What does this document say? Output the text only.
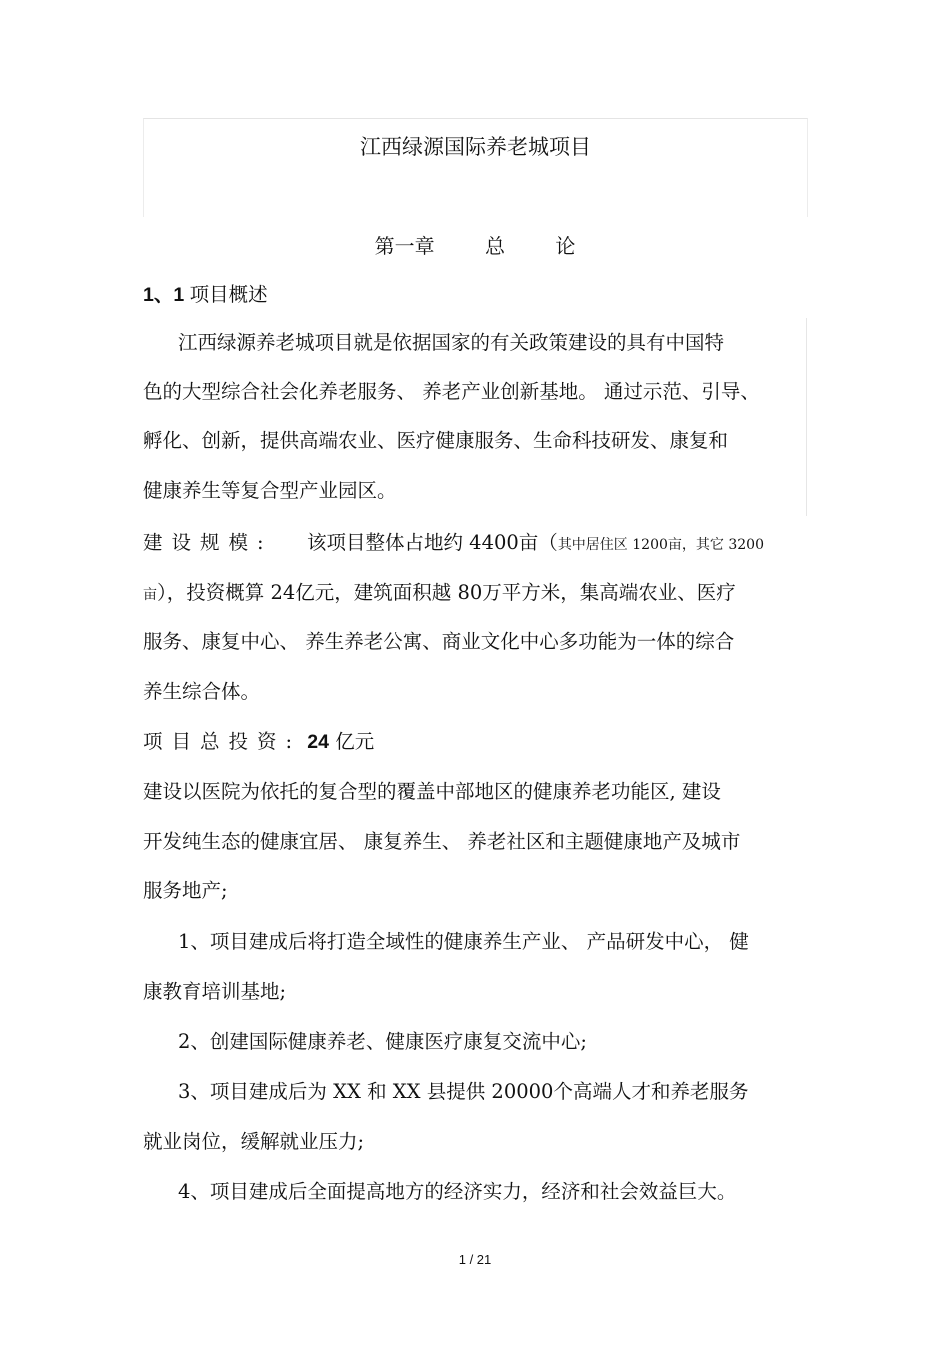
江西绿源国际养老城项目
第一章	总	论
1、1 项目概述
江西绿源养老城项目就是依据国家的有关政策建设的具有中国特
色的大型综合社会化养老服务、 养老产业创新基地。 通过示范、引导、
孵化、创新，提供高端农业、医疗健康服务、生命科技研发、康复和
健康养生等复合型产业园区。
建设规模: 该项目整体占地约 4400亩（其中居住区 1200亩，其它 3200
亩），投资概算 24亿元，建筑面积越 80万平方米，集高端农业、医疗
服务、康复中心、 养生养老公寓、商业文化中心多功能为一体的综合
养生综合体。
项目总投资: 24 亿元
建设以医院为依托的复合型的覆盖中部地区的健康养老功能区, 建设
开发纯生态的健康宜居、 康复养生、 养老社区和主题健康地产及城市
服务地产;
1、项目建成后将打造全域性的健康养生产业、 产品研发中心， 健
康教育培训基地;
2、创建国际健康养老、健康医疗康复交流中心;
3、项目建成后为 XX 和 XX 县提供 20000个高端人才和养老服务
就业岗位，缓解就业压力;
4、项目建成后全面提高地方的经济实力，经济和社会效益巨大。
1 / 21
